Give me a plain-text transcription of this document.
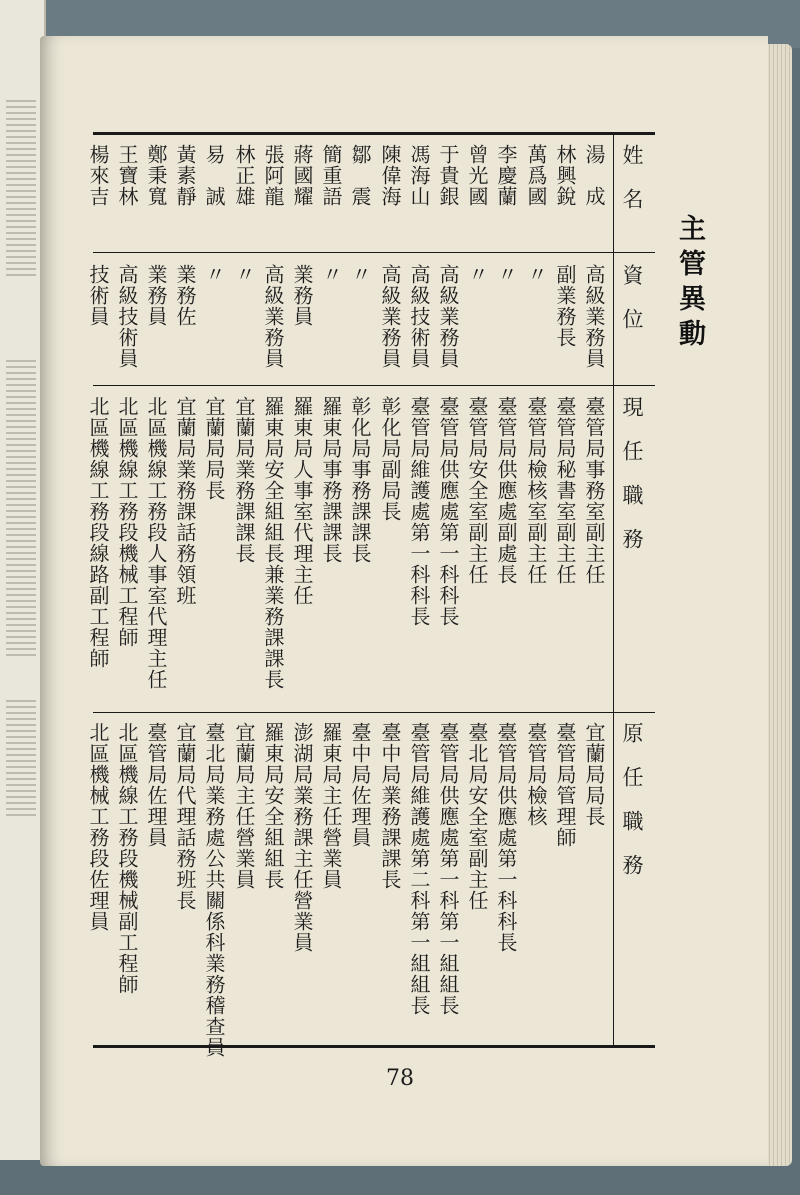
主管異動
姓　名
資　位
現　任　職　務
原　任　職　務
湯　成
高級業務員
臺管局事務室副主任
宜蘭局局長
林興銳
副業務長
臺管局秘書室副主任
臺管局管理師
萬爲國
〃
臺管局檢核室副主任
臺管局檢核
李慶蘭
〃
臺管局供應處副處長
臺管局供應處第一科科長
曾光國
〃
臺管局安全室副主任
臺北局安全室副主任
于貴銀
高級業務員
臺管局供應處第一科科長
臺管局供應處第一科第一組組長
馮海山
高級技術員
臺管局維護處第一科科長
臺管局維護處第二科第一組組長
陳偉海
高級業務員
彰化局副局長
臺中局業務課課長
鄒　震
〃
彰化局事務課課長
臺中局佐理員
簡重語
〃
羅東局事務課課長
羅東局主任營業員
蔣國耀
業務員
羅東局人事室代理主任
澎湖局業務課主任營業員
張阿龍
高級業務員
羅東局安全組組長兼業務課課長
羅東局安全組組長
林正雄
〃
宜蘭局業務課課長
宜蘭局主任營業員
易　誠
〃
宜蘭局局長
臺北局業務處公共關係科業務稽查員
黃素靜
業務佐
宜蘭局業務課話務領班
宜蘭局代理話務班長
鄭秉寬
業務員
北區機線工務段人事室代理主任
臺管局佐理員
王寶林
高級技術員
北區機線工務段機械工程師
北區機線工務段機械副工程師
楊來吉
技術員
北區機線工務段線路副工程師
北區機械工務段佐理員
78
